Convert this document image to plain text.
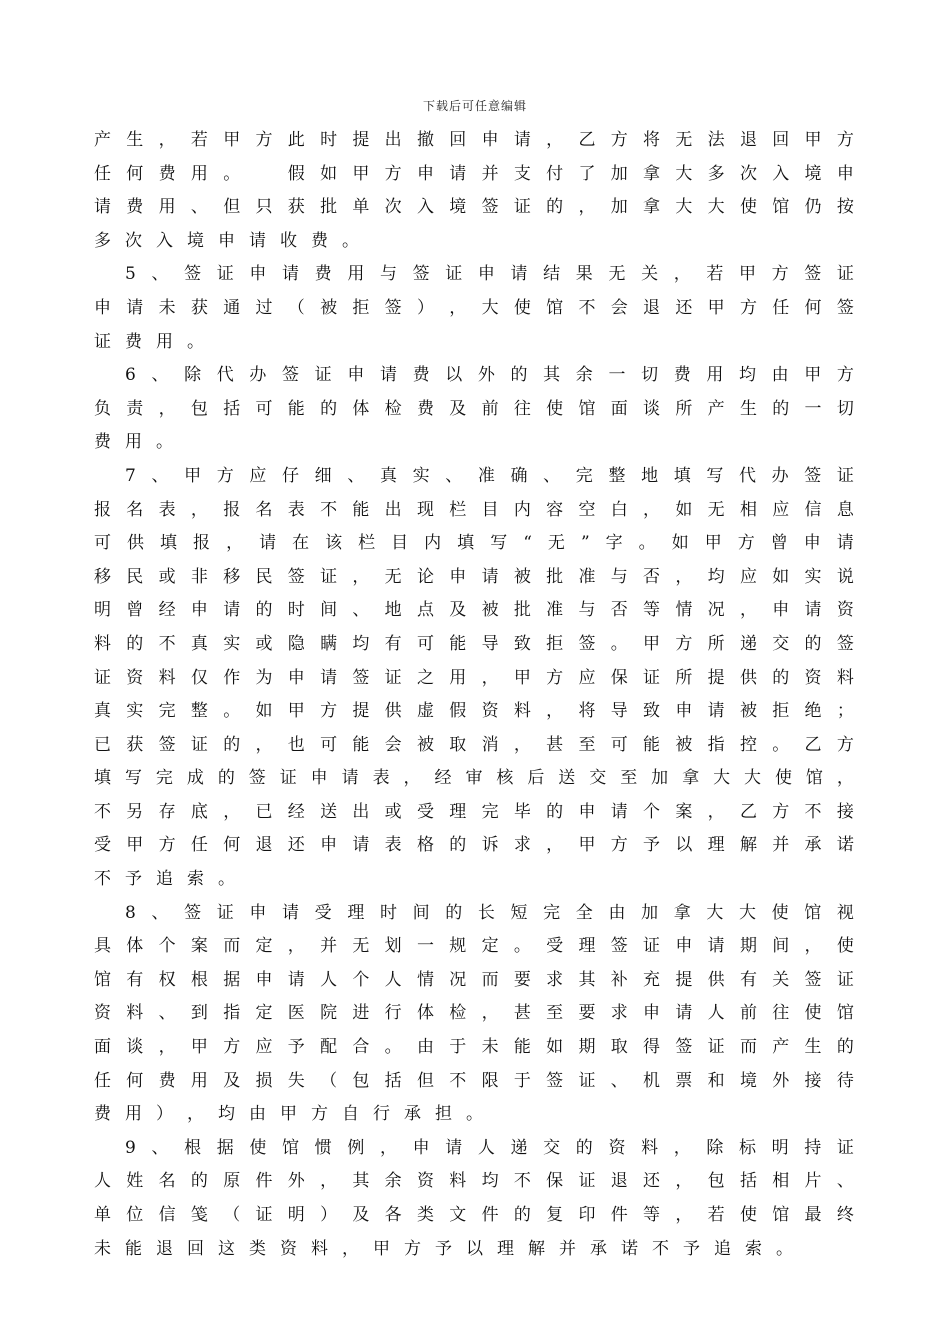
下载后可任意编辑
产 生 ， 若 甲 方 此 时 提 出 撤 回 申 请 ， 乙 方 将 无 法 退 回 甲 方
任 何 费 用 。
　	假 如 甲 方 申 请 并 支 付 了 加 拿 大 多 次 入 境 申
请 费 用 、 但 只 获 批 单 次 入 境 签 证 的 ， 加 拿 大 大 使 馆 仍 按
多 次 入 境 申 请 收 费 。
5 、 签 证 申 请 费 用 与 签 证 申 请 结 果 无 关 ， 若 甲 方 签 证
申 请 未 获 通 过 （ 被 拒 签 ） ， 大 使 馆 不 会 退 还 甲 方 任 何 签
证 费 用 。
6 、 除 代 办 签 证 申 请 费 以 外 的 其 余 一 切 费 用 均 由 甲 方
负 责 ， 包 括 可 能 的 体 检 费 及 前 往 使 馆 面 谈 所 产 生 的 一 切
费 用 。
7 、 甲 方 应 仔 细 、 真 实 、 准 确 、 完 整 地 填 写 代 办 签 证
报 名 表 ， 报 名 表 不 能 出 现 栏 目 内 容 空 白 ， 如 无 相 应 信 息
可 供 填 报 ， 请 在 该 栏 目 内 填 写 “ 无 ” 字 。 如 甲 方 曾 申 请
移 民 或 非 移 民 签 证 ， 无 论 申 请 被 批 准 与 否 ， 均 应 如 实 说
明 曾 经 申 请 的 时 间 、 地 点 及 被 批 准 与 否 等 情 况 ， 申 请 资
料 的 不 真 实 或 隐 瞒 均 有 可 能 导 致 拒 签 。 甲 方 所 递 交 的 签
证 资 料 仅 作 为 申 请 签 证 之 用 ， 甲 方 应 保 证 所 提 供 的 资 料
真 实 完 整 。 如 甲 方 提 供 虚 假 资 料 ， 将 导 致 申 请 被 拒 绝 ；
已 获 签 证 的 ， 也 可 能 会 被 取 消 ， 甚 至 可 能 被 指 控 。 乙 方
填 写 完 成 的 签 证 申 请 表 ， 经 审 核 后 送 交 至 加 拿 大 大 使 馆 ，
不 另 存 底 ， 已 经 送 出 或 受 理 完 毕 的 申 请 个 案 ， 乙 方 不 接
受 甲 方 任 何 退 还 申 请 表 格 的 诉 求 ， 甲 方 予 以 理 解 并 承 诺
不 予 追 索 。
8 、 签 证 申 请 受 理 时 间 的 长 短 完 全 由 加 拿 大 大 使 馆 视
具 体 个 案 而 定 ， 并 无 划 一 规 定 。 受 理 签 证 申 请 期 间 ， 使
馆 有 权 根 据 申 请 人 个 人 情 况 而 要 求 其 补 充 提 供 有 关 签 证
资 料 、 到 指 定 医 院 进 行 体 检 ， 甚 至 要 求 申 请 人 前 往 使 馆
面 谈 ， 甲 方 应 予 配 合 。 由 于 未 能 如 期 取 得 签 证 而 产 生 的
任 何 费 用 及 损 失 （ 包 括 但 不 限 于 签 证 、 机 票 和 境 外 接 待
费 用 ） ， 均 由 甲 方 自 行 承 担 。
9 、 根 据 使 馆 惯 例 ， 申 请 人 递 交 的 资 料 ， 除 标 明 持 证
人 姓 名 的 原 件 外 ， 其 余 资 料 均 不 保 证 退 还 ， 包 括 相 片 、
单 位 信 笺 （ 证 明 ） 及 各 类 文 件 的 复 印 件 等 ， 若 使 馆 最 终
未 能 退 回 这 类 资 料 ， 甲 方 予 以 理 解 并 承 诺 不 予 追 索 。
